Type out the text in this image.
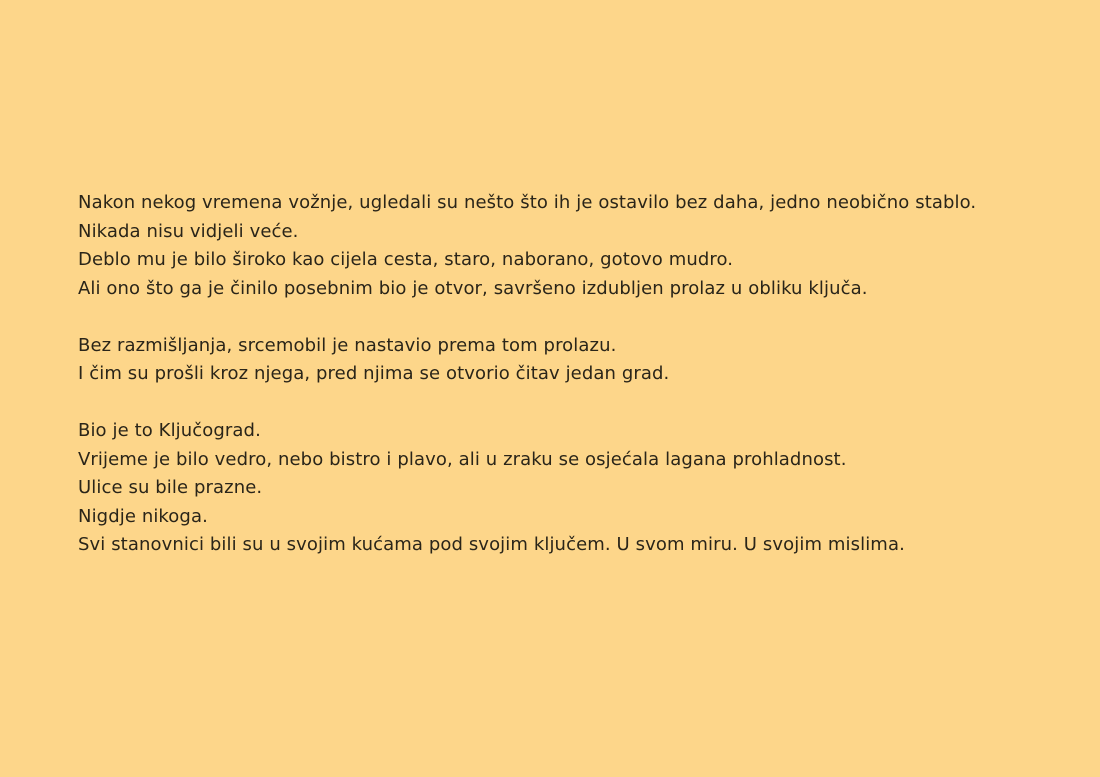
Nakon nekog vremena vožnje, ugledali su nešto što ih je ostavilo bez daha, jedno neobično stablo.
Nikada nisu vidjeli veće.
Deblo mu je bilo široko kao cijela cesta, staro, naborano, gotovo mudro.
Ali ono što ga je činilo posebnim bio je otvor, savršeno izdubljen prolaz u obliku ključa.

Bez razmišljanja, srcemobil je nastavio prema tom prolazu.
I čim su prošli kroz njega, pred njima se otvorio čitav jedan grad.

Bio je to Ključograd.
Vrijeme je bilo vedro, nebo bistro i plavo, ali u zraku se osjećala lagana prohladnost.
Ulice su bile prazne.
Nigdje nikoga.
Svi stanovnici bili su u svojim kućama pod svojim ključem. U svom miru. U svojim mislima.
